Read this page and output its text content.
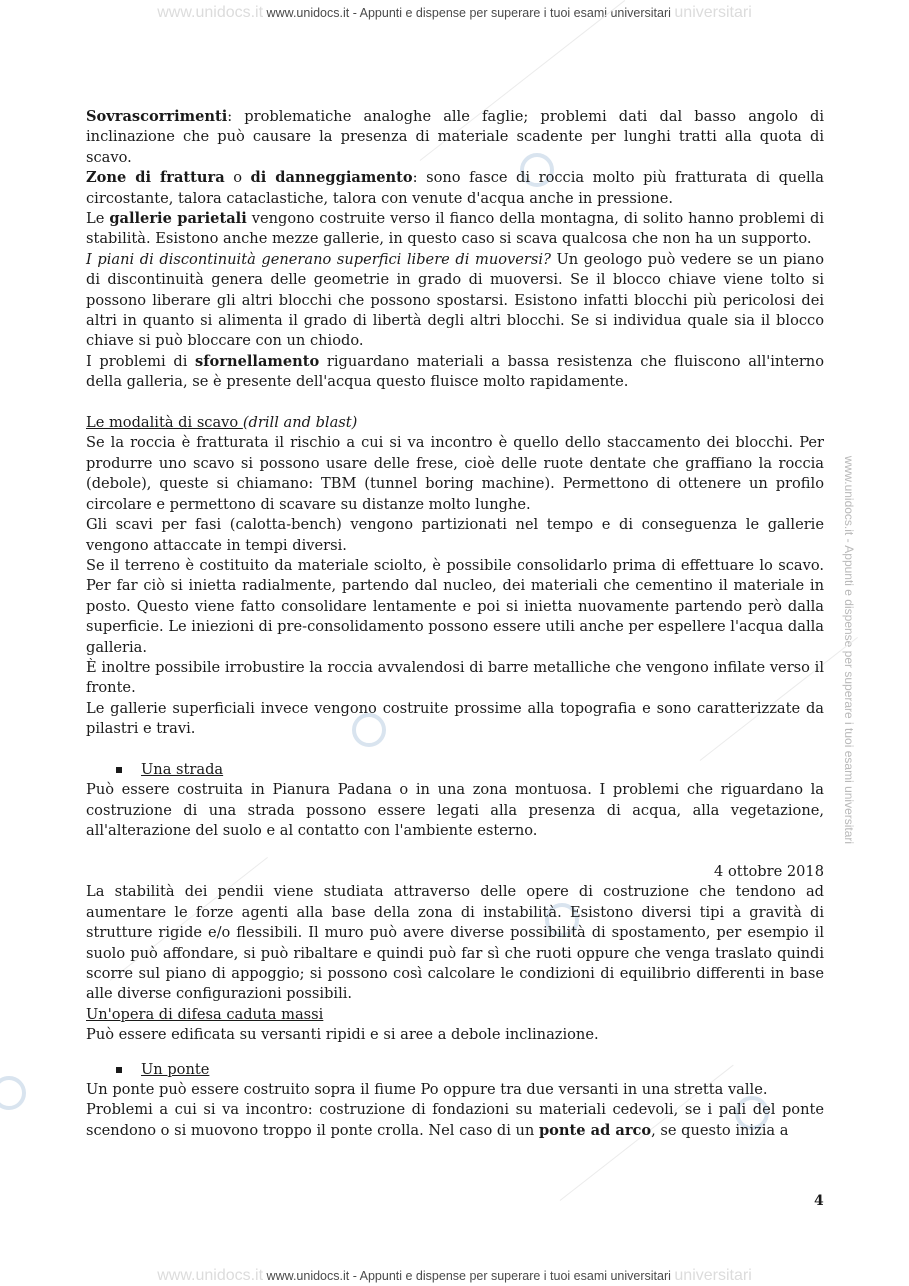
www.unidocs.it www.unidocs.it - Appunti e dispense per superare i tuoi esami universitari universitari
www.unidocs.it www.unidocs.it - Appunti e dispense per superare i tuoi esami universitari universitari
www.unidocs.it - Appunti e dispense per superare i tuoi esami universitari

Sovrascorrimenti: problematiche analoghe alle faglie; problemi dati dal basso angolo di inclinazione che può causare la presenza di materiale scadente per lunghi tratti alla quota di scavo.

Zone di frattura o di danneggiamento: sono fasce di roccia molto più fratturata di quella circostante, talora cataclastiche, talora con venute d'acqua anche in pressione.

Le gallerie parietali vengono costruite verso il fianco della montagna, di solito hanno problemi di stabilità. Esistono anche mezze gallerie, in questo caso si scava qualcosa che non ha un supporto.

I piani di discontinuità generano superfici libere di muoversi? Un geologo può vedere se un piano di discontinuità genera delle geometrie in grado di muoversi. Se il blocco chiave viene tolto si possono liberare gli altri blocchi che possono spostarsi. Esistono infatti blocchi più pericolosi dei altri in quanto si alimenta il grado di libertà degli altri blocchi. Se si individua quale sia il blocco chiave si può bloccare con un chiodo.

I problemi di sfornellamento riguardano materiali a bassa resistenza che fluiscono all'interno della galleria, se è presente dell'acqua questo fluisce molto rapidamente.

Le modalità di scavo (drill and blast)

Se la roccia è fratturata il rischio a cui si va incontro è quello dello staccamento dei blocchi. Per produrre uno scavo si possono usare delle frese, cioè delle ruote dentate che graffiano la roccia (debole), queste si chiamano: TBM (tunnel boring machine). Permettono di ottenere un profilo circolare e permettono di scavare su distanze molto lunghe.

Gli scavi per fasi (calotta-bench) vengono partizionati nel tempo e di conseguenza le gallerie vengono attaccate in tempi diversi.

Se il terreno è costituito da materiale sciolto, è possibile consolidarlo prima di effettuare lo scavo. Per far ciò si inietta radialmente, partendo dal nucleo, dei materiali che cementino il materiale in posto. Questo viene fatto consolidare lentamente e poi si inietta nuovamente partendo però dalla superficie. Le iniezioni di pre-consolidamento possono essere utili anche per espellere l'acqua dalla galleria.

È inoltre possibile irrobustire la roccia avvalendosi di barre metalliche che vengono infilate verso il fronte.

Le gallerie superficiali invece vengono costruite prossime alla topografia e sono caratterizzate da pilastri e travi.

Una strada

Può essere costruita in Pianura Padana o in una zona montuosa. I problemi che riguardano la costruzione di una strada possono essere legati alla presenza di acqua, alla vegetazione, all'alterazione del suolo e al contatto con l'ambiente esterno.

4 ottobre 2018

La stabilità dei pendii viene studiata attraverso delle opere di costruzione che tendono ad aumentare le forze agenti alla base della zona di instabilità. Esistono diversi tipi a gravità di strutture rigide e/o flessibili. Il muro può avere diverse possibilità di spostamento, per esempio il suolo può affondare, si può ribaltare e quindi può far sì che ruoti oppure che venga traslato quindi scorre sul piano di appoggio; si possono così calcolare le condizioni di equilibrio differenti in base alle diverse configurazioni possibili.

Un'opera di difesa caduta massi

Può essere edificata su versanti ripidi e si aree a debole inclinazione.

Un ponte

Un ponte può essere costruito sopra il fiume Po oppure tra due versanti in una stretta valle.

Problemi a cui si va incontro: costruzione di fondazioni su materiali cedevoli, se i pali del ponte scendono o si muovono troppo il ponte crolla. Nel caso di un ponte ad arco, se questo inizia a

4
